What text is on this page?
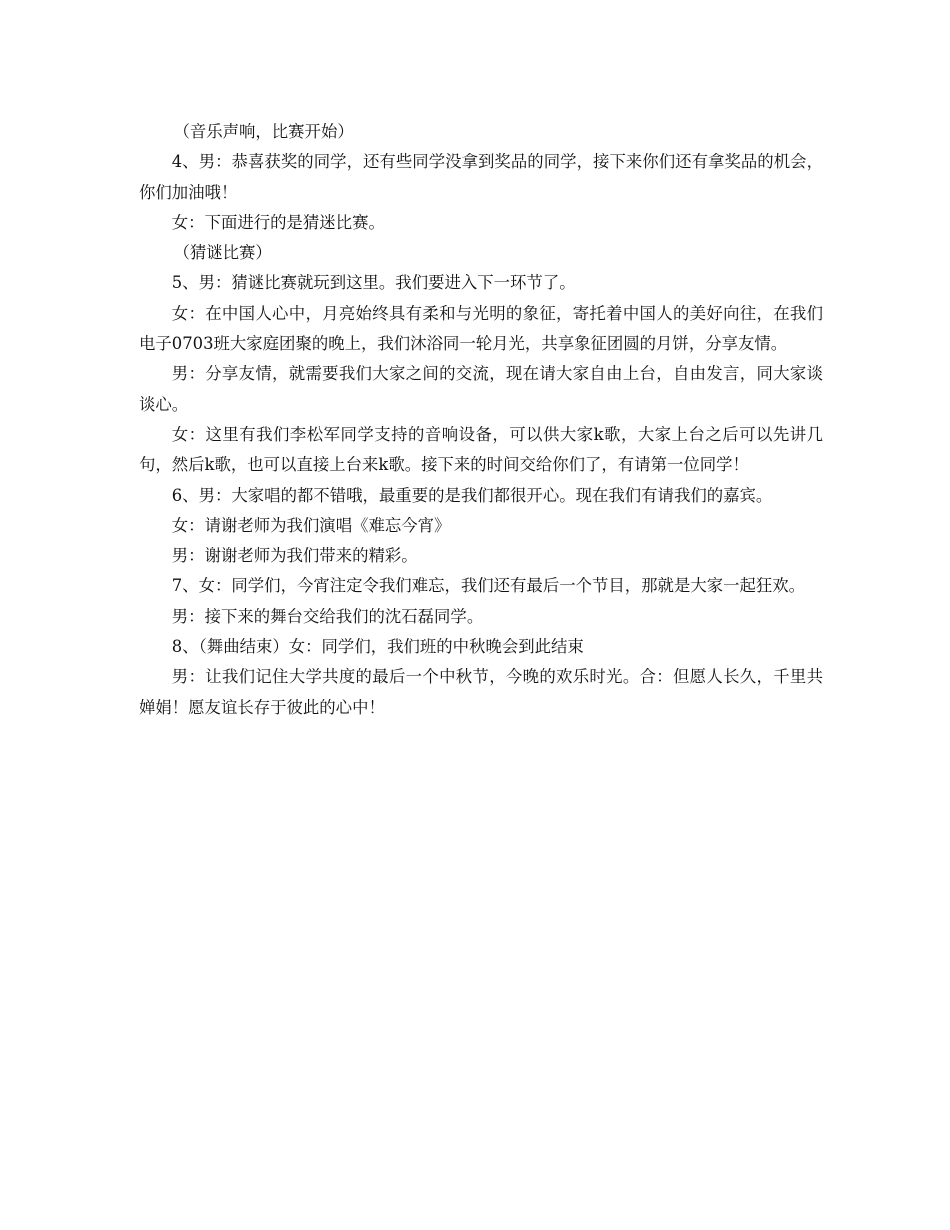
（音乐声响，比赛开始）

4、男：恭喜获奖的同学，还有些同学没拿到奖品的同学，接下来你们还有拿奖品的机会，你们加油哦！

女：下面进行的是猜迷比赛。

（猜谜比赛）

5、男：猜谜比赛就玩到这里。我们要进入下一环节了。

女：在中国人心中，月亮始终具有柔和与光明的象征，寄托着中国人的美好向往，在我们电子0703班大家庭团聚的晚上，我们沐浴同一轮月光，共享象征团圆的月饼，分享友情。

男：分享友情，就需要我们大家之间的交流，现在请大家自由上台，自由发言，同大家谈谈心。

女：这里有我们李松军同学支持的音响设备，可以供大家k歌，大家上台之后可以先讲几句，然后k歌，也可以直接上台来k歌。接下来的时间交给你们了，有请第一位同学！

6、男：大家唱的都不错哦，最重要的是我们都很开心。现在我们有请我们的嘉宾。

女：请谢老师为我们演唱《难忘今宵》

男：谢谢老师为我们带来的精彩。

7、女：同学们，今宵注定令我们难忘，我们还有最后一个节目，那就是大家一起狂欢。

男：接下来的舞台交给我们的沈石磊同学。

8、（舞曲结束）女：同学们，我们班的中秋晚会到此结束

男：让我们记住大学共度的最后一个中秋节，今晚的欢乐时光。合：但愿人长久，千里共婵娟！愿友谊长存于彼此的心中！
